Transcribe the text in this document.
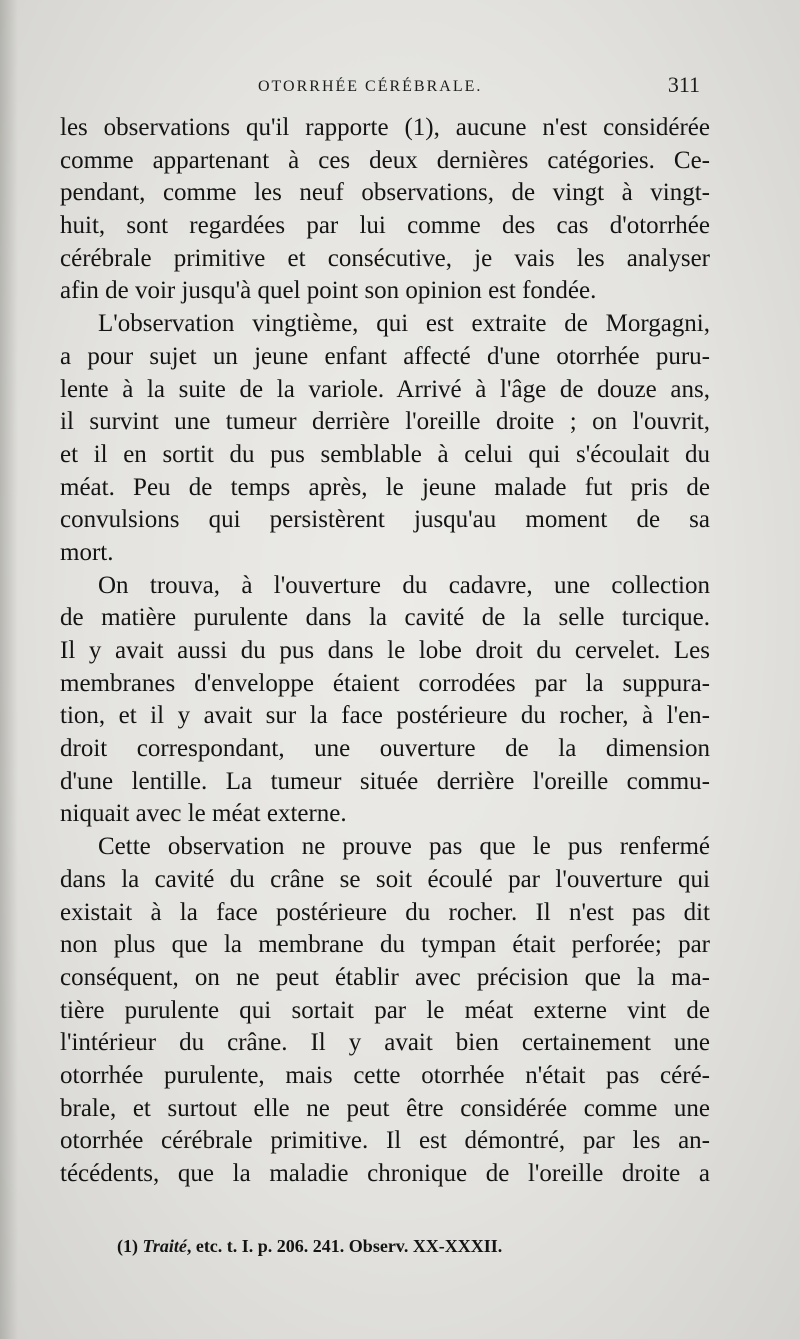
OTORRHÉE CÉRÉBRALE.	311
les observations qu'il rapporte (1), aucune n'est considérée
comme appartenant à ces deux dernières catégories. Ce-
pendant, comme les neuf observations, de vingt à vingt-
huit, sont regardées par lui comme des cas d'otorrhée
cérébrale primitive et consécutive, je vais les analyser
afin de voir jusqu'à quel point son opinion est fondée.
L'observation vingtième, qui est extraite de Morgagni,
a pour sujet un jeune enfant affecté d'une otorrhée puru-
lente à la suite de la variole. Arrivé à l'âge de douze ans,
il survint une tumeur derrière l'oreille droite ; on l'ouvrit,
et il en sortit du pus semblable à celui qui s'écoulait du
méat. Peu de temps après, le jeune malade fut pris de
convulsions qui persistèrent jusqu'au moment de sa
mort.
On trouva, à l'ouverture du cadavre, une collection
de matière purulente dans la cavité de la selle turcique.
Il y avait aussi du pus dans le lobe droit du cervelet. Les
membranes d'enveloppe étaient corrodées par la suppura-
tion, et il y avait sur la face postérieure du rocher, à l'en-
droit correspondant, une ouverture de la dimension
d'une lentille. La tumeur située derrière l'oreille commu-
niquait avec le méat externe.
Cette observation ne prouve pas que le pus renfermé
dans la cavité du crâne se soit écoulé par l'ouverture qui
existait à la face postérieure du rocher. Il n'est pas dit
non plus que la membrane du tympan était perforée; par
conséquent, on ne peut établir avec précision que la ma-
tière purulente qui sortait par le méat externe vint de
l'intérieur du crâne. Il y avait bien certainement une
otorrhée purulente, mais cette otorrhée n'était pas céré-
brale, et surtout elle ne peut être considérée comme une
otorrhée cérébrale primitive. Il est démontré, par les an-
técédents, que la maladie chronique de l'oreille droite a
(1) Traité, etc. t. I. p. 206. 241. Observ. XX-XXXII.
